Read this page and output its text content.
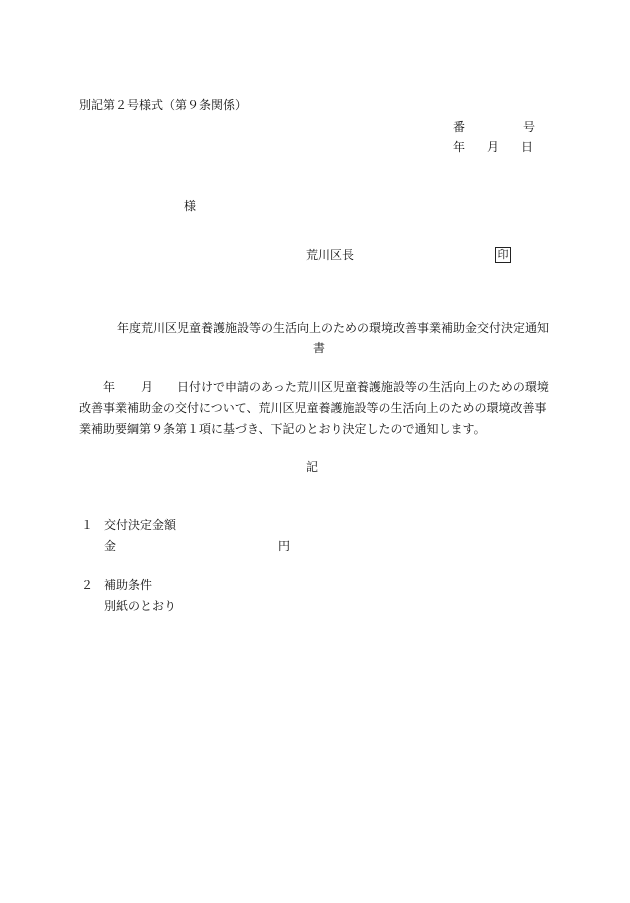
別記第２号様式（第９条関係）
番	号
年 月 日
様
荒川区長	印
年度荒川区児童養護施設等の生活向上のための環境改善事業補助金交付決定通知
書
年 月 日付けで申請のあった荒川区児童養護施設等の生活向上のための環境改善事業補助金の交付について、荒川区児童養護施設等の生活向上のための環境改善事業補助要綱第９条第１項に基づき、下記のとおり決定したので通知します。
記
１ 交付決定金額
金	円
２ 補助条件
別紙のとおり
